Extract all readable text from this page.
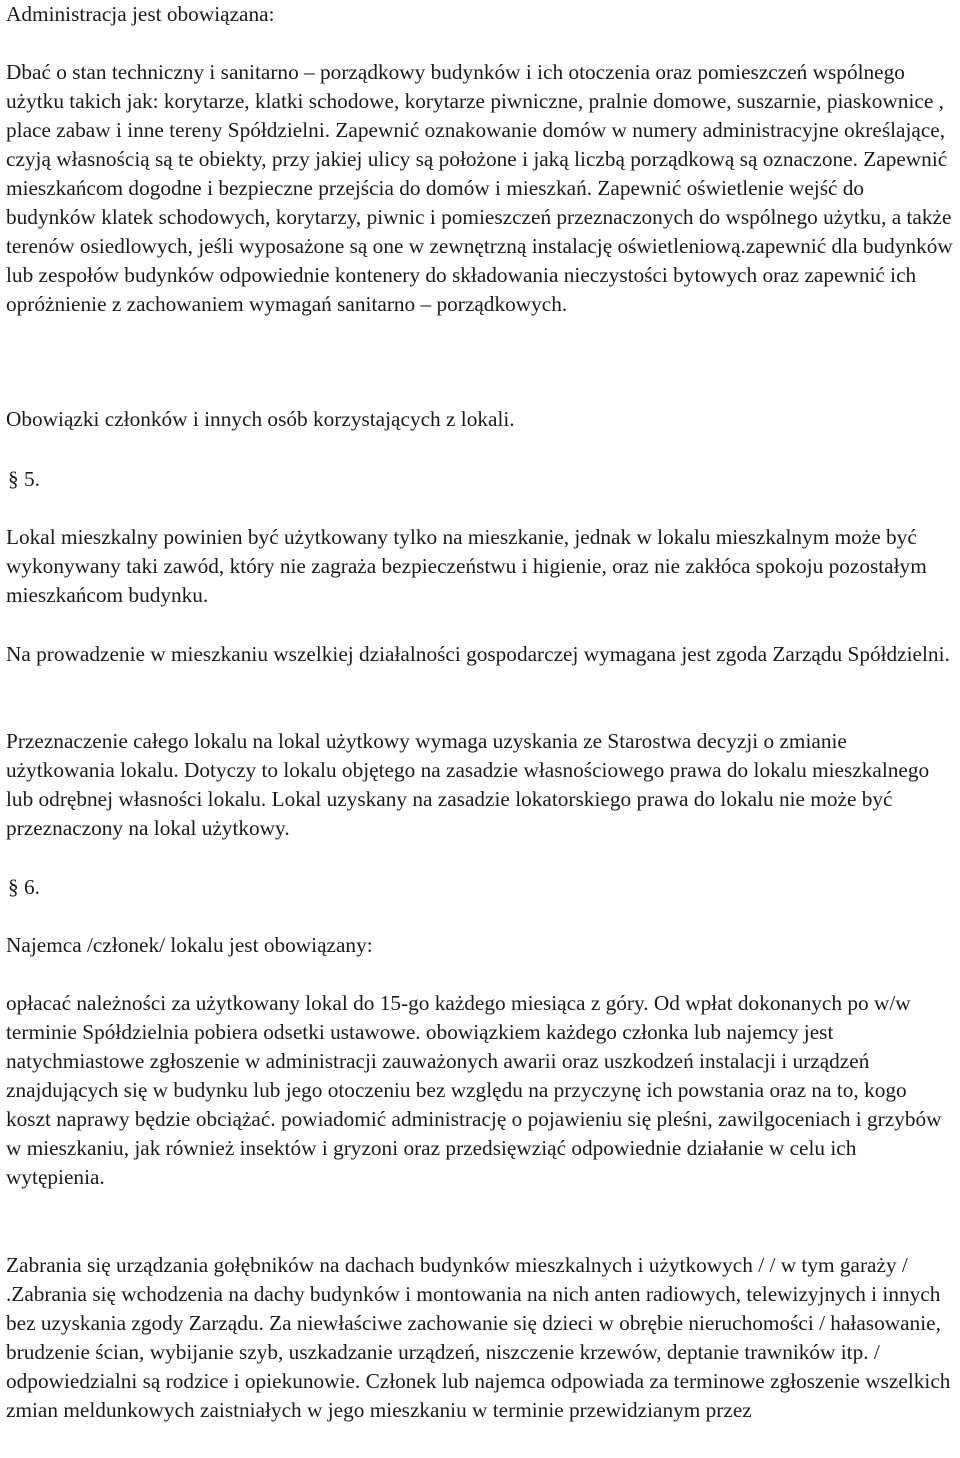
Administracja jest obowiązana:

Dbać o stan techniczny i sanitarno – porządkowy budynków i ich otoczenia oraz pomieszczeń wspólnego użytku takich jak: korytarze, klatki schodowe, korytarze piwniczne, pralnie domowe, suszarnie, piaskownice , place zabaw i inne tereny Spółdzielni. Zapewnić oznakowanie domów w numery administracyjne określające, czyją własnością są te obiekty, przy jakiej ulicy są położone i jaką liczbą porządkową są oznaczone. Zapewnić mieszkańcom dogodne i bezpieczne przejścia do domów i mieszkań. Zapewnić oświetlenie wejść do budynków klatek schodowych, korytarzy, piwnic i pomieszczeń przeznaczonych do wspólnego użytku, a także terenów osiedlowych, jeśli wyposażone są one w zewnętrzną instalację oświetleniową.zapewnić dla budynków lub zespołów budynków odpowiednie kontenery do składowania nieczystości bytowych oraz zapewnić ich opróżnienie z zachowaniem wymagań sanitarno – porządkowych.

Obowiązki członków i innych osób korzystających z lokali.

§ 5.

Lokal mieszkalny powinien być użytkowany tylko na mieszkanie, jednak w lokalu mieszkalnym może być wykonywany taki zawód, który nie zagraża bezpieczeństwu i higienie, oraz nie zakłóca spokoju pozostałym mieszkańcom budynku.

Na prowadzenie w mieszkaniu wszelkiej działalności gospodarczej wymagana jest zgoda Zarządu Spółdzielni.

Przeznaczenie całego lokalu na lokal użytkowy wymaga uzyskania ze Starostwa decyzji o zmianie użytkowania lokalu. Dotyczy to lokalu objętego na zasadzie własnościowego prawa do lokalu mieszkalnego lub odrębnej własności lokalu. Lokal uzyskany na zasadzie lokatorskiego prawa do lokalu nie może być przeznaczony na lokal użytkowy.

§ 6.

Najemca /członek/ lokalu jest obowiązany:

opłacać należności za użytkowany lokal do 15-go każdego miesiąca z góry. Od wpłat dokonanych po w/w terminie Spółdzielnia pobiera odsetki ustawowe. obowiązkiem każdego członka lub najemcy jest natychmiastowe zgłoszenie w administracji zauważonych awarii oraz uszkodzeń instalacji i urządzeń znajdujących się w budynku lub jego otoczeniu bez względu na przyczynę ich powstania oraz na to, kogo koszt naprawy będzie obciążać. powiadomić administrację o pojawieniu się pleśni, zawilgoceniach i grzybów w mieszkaniu, jak również insektów i gryzoni oraz przedsięwziąć odpowiednie działanie w celu ich wytępienia.

Zabrania się urządzania gołębników na dachach budynków mieszkalnych i użytkowych / / w tym garaży / .Zabrania się wchodzenia na dachy budynków i montowania na nich anten radiowych, telewizyjnych i innych bez uzyskania zgody Zarządu. Za niewłaściwe zachowanie się dzieci w obrębie nieruchomości / hałasowanie, brudzenie ścian, wybijanie szyb, uszkadzanie urządzeń, niszczenie krzewów, deptanie trawników itp. / odpowiedzialni są rodzice i opiekunowie. Członek lub najemca odpowiada za terminowe zgłoszenie wszelkich zmian meldunkowych zaistniałych w jego mieszkaniu w terminie przewidzianym przez
